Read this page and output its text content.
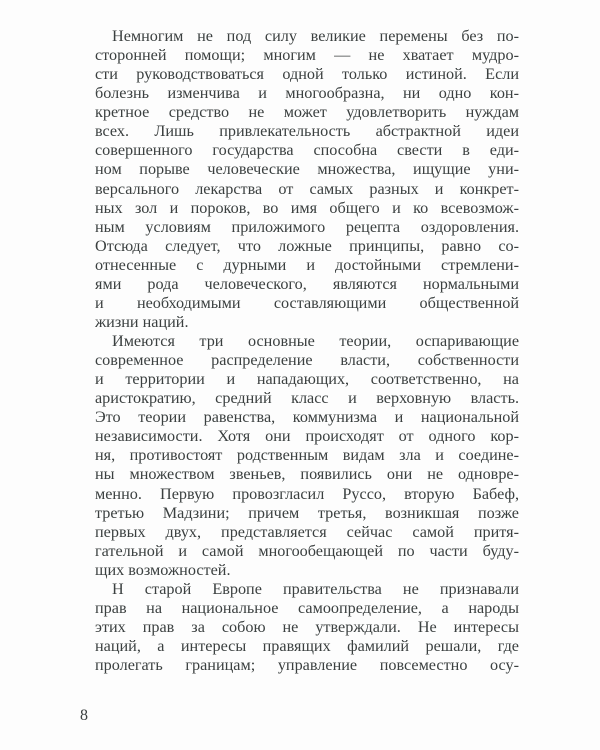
Немногим не под силу великие перемены без по-
сторонней помощи; многим — не хватает мудро-
сти руководствоваться одной только истиной. Если
болезнь изменчива и многообразна, ни одно кон-
кретное средство не может удовлетворить нуждам
всех. Лишь привлекательность абстрактной идеи
совершенного государства способна свести в еди-
ном порыве человеческие множества, ищущие уни-
версального лекарства от самых разных и конкрет-
ных зол и пороков, во имя общего и ко всевозмож-
ным условиям приложимого рецепта оздоровления.
Отсюда следует, что ложные принципы, равно со-
отнесенные с дурными и достойными стремлени-
ями рода человеческого, являются нормальными
и необходимыми составляющими общественной
жизни наций.
Имеются три основные теории, оспаривающие
современное распределение власти, собственности
и территории и нападающих, соответственно, на
аристократию, средний класс и верховную власть.
Это теории равенства, коммунизма и национальной
независимости. Хотя они происходят от одного кор-
ня, противостоят родственным видам зла и соедине-
ны множеством звеньев, появились они не одновре-
менно. Первую провозгласил Руссо, вторую Бабеф,
третью Мадзини; причем третья, возникшая позже
первых двух, представляется сейчас самой притя-
гательной и самой многообещающей по части буду-
щих возможностей.
Н старой Европе правительства не признавали
прав на национальное самоопределение, а народы
этих прав за собою не утверждали. Не интересы
наций, а интересы правящих фамилий решали, где
пролегать границам; управление повсеместно осу-
8
